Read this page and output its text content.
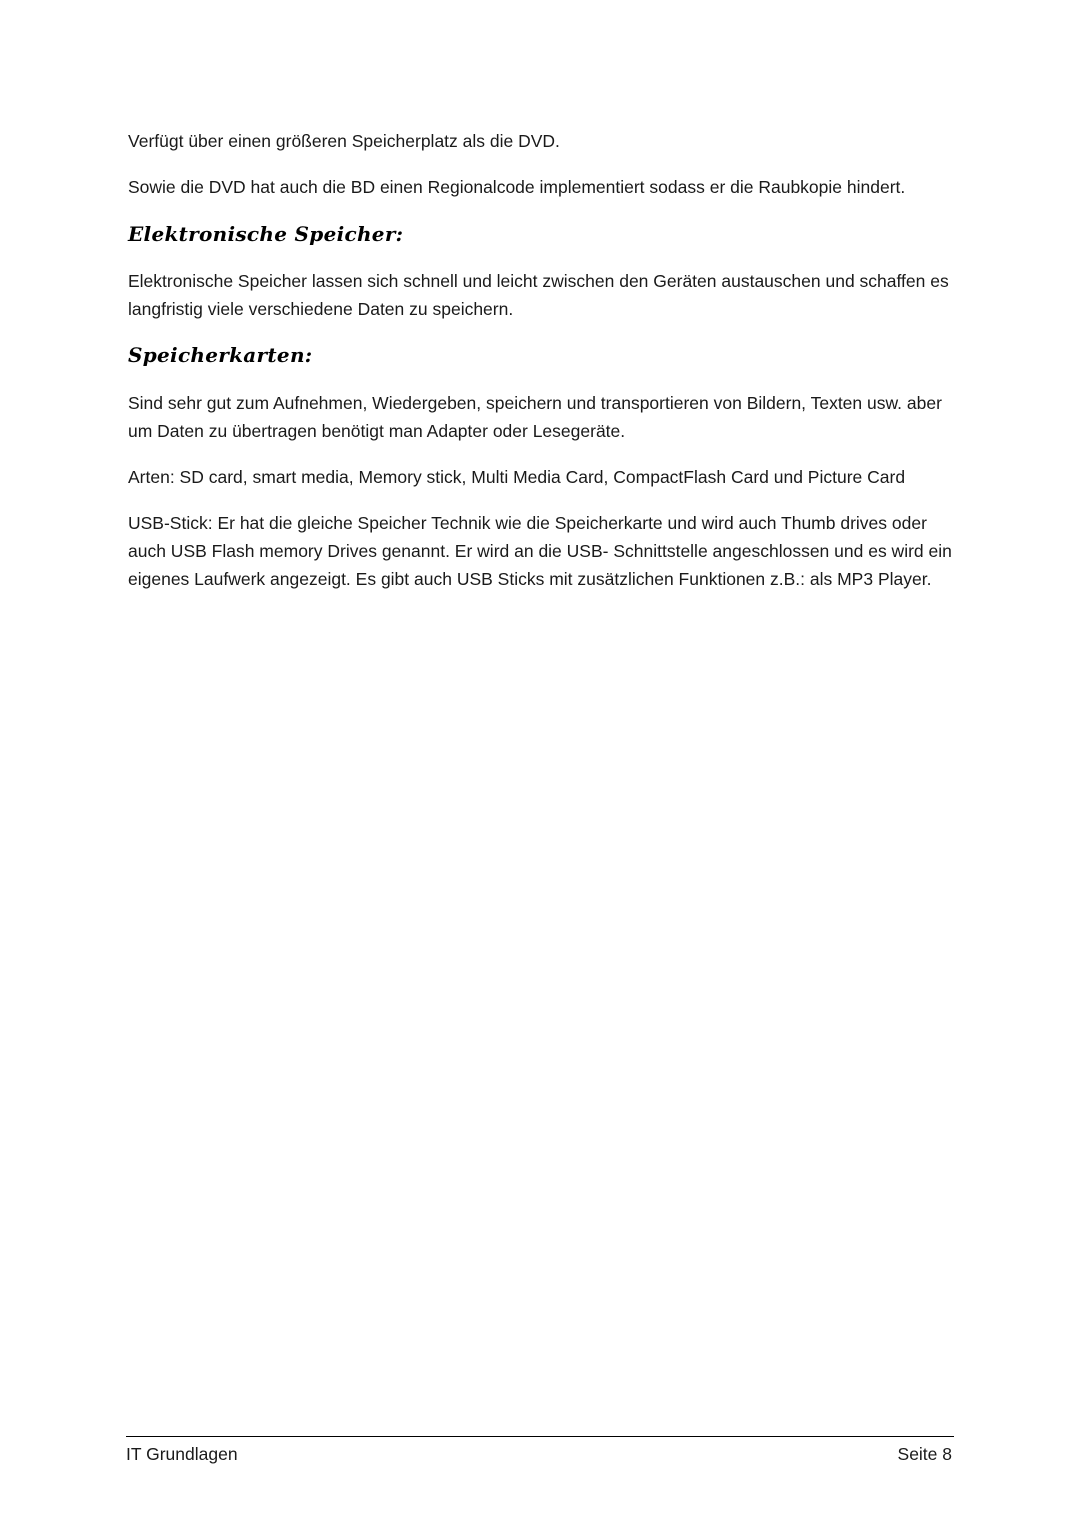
Verfügt über einen größeren Speicherplatz als die DVD.

Sowie die DVD hat auch die BD einen Regionalcode implementiert sodass er die Raubkopie hindert.

Elektronische Speicher:

Elektronische Speicher lassen sich schnell und leicht zwischen den Geräten austauschen und schaffen es langfristig viele verschiedene Daten zu speichern.

Speicherkarten:

Sind sehr gut zum Aufnehmen, Wiedergeben, speichern und transportieren von Bildern, Texten usw. aber um Daten zu übertragen benötigt man Adapter oder Lesegeräte.

Arten: SD card, smart media, Memory stick, Multi Media Card, CompactFlash Card und Picture Card

USB-Stick: Er hat die gleiche Speicher Technik wie die Speicherkarte und wird auch Thumb drives oder auch USB Flash memory Drives genannt. Er wird an die USB- Schnittstelle angeschlossen und es wird ein eigenes Laufwerk angezeigt. Es gibt auch USB Sticks mit zusätzlichen Funktionen z.B.: als MP3 Player.

IT Grundlagen	Seite 8
